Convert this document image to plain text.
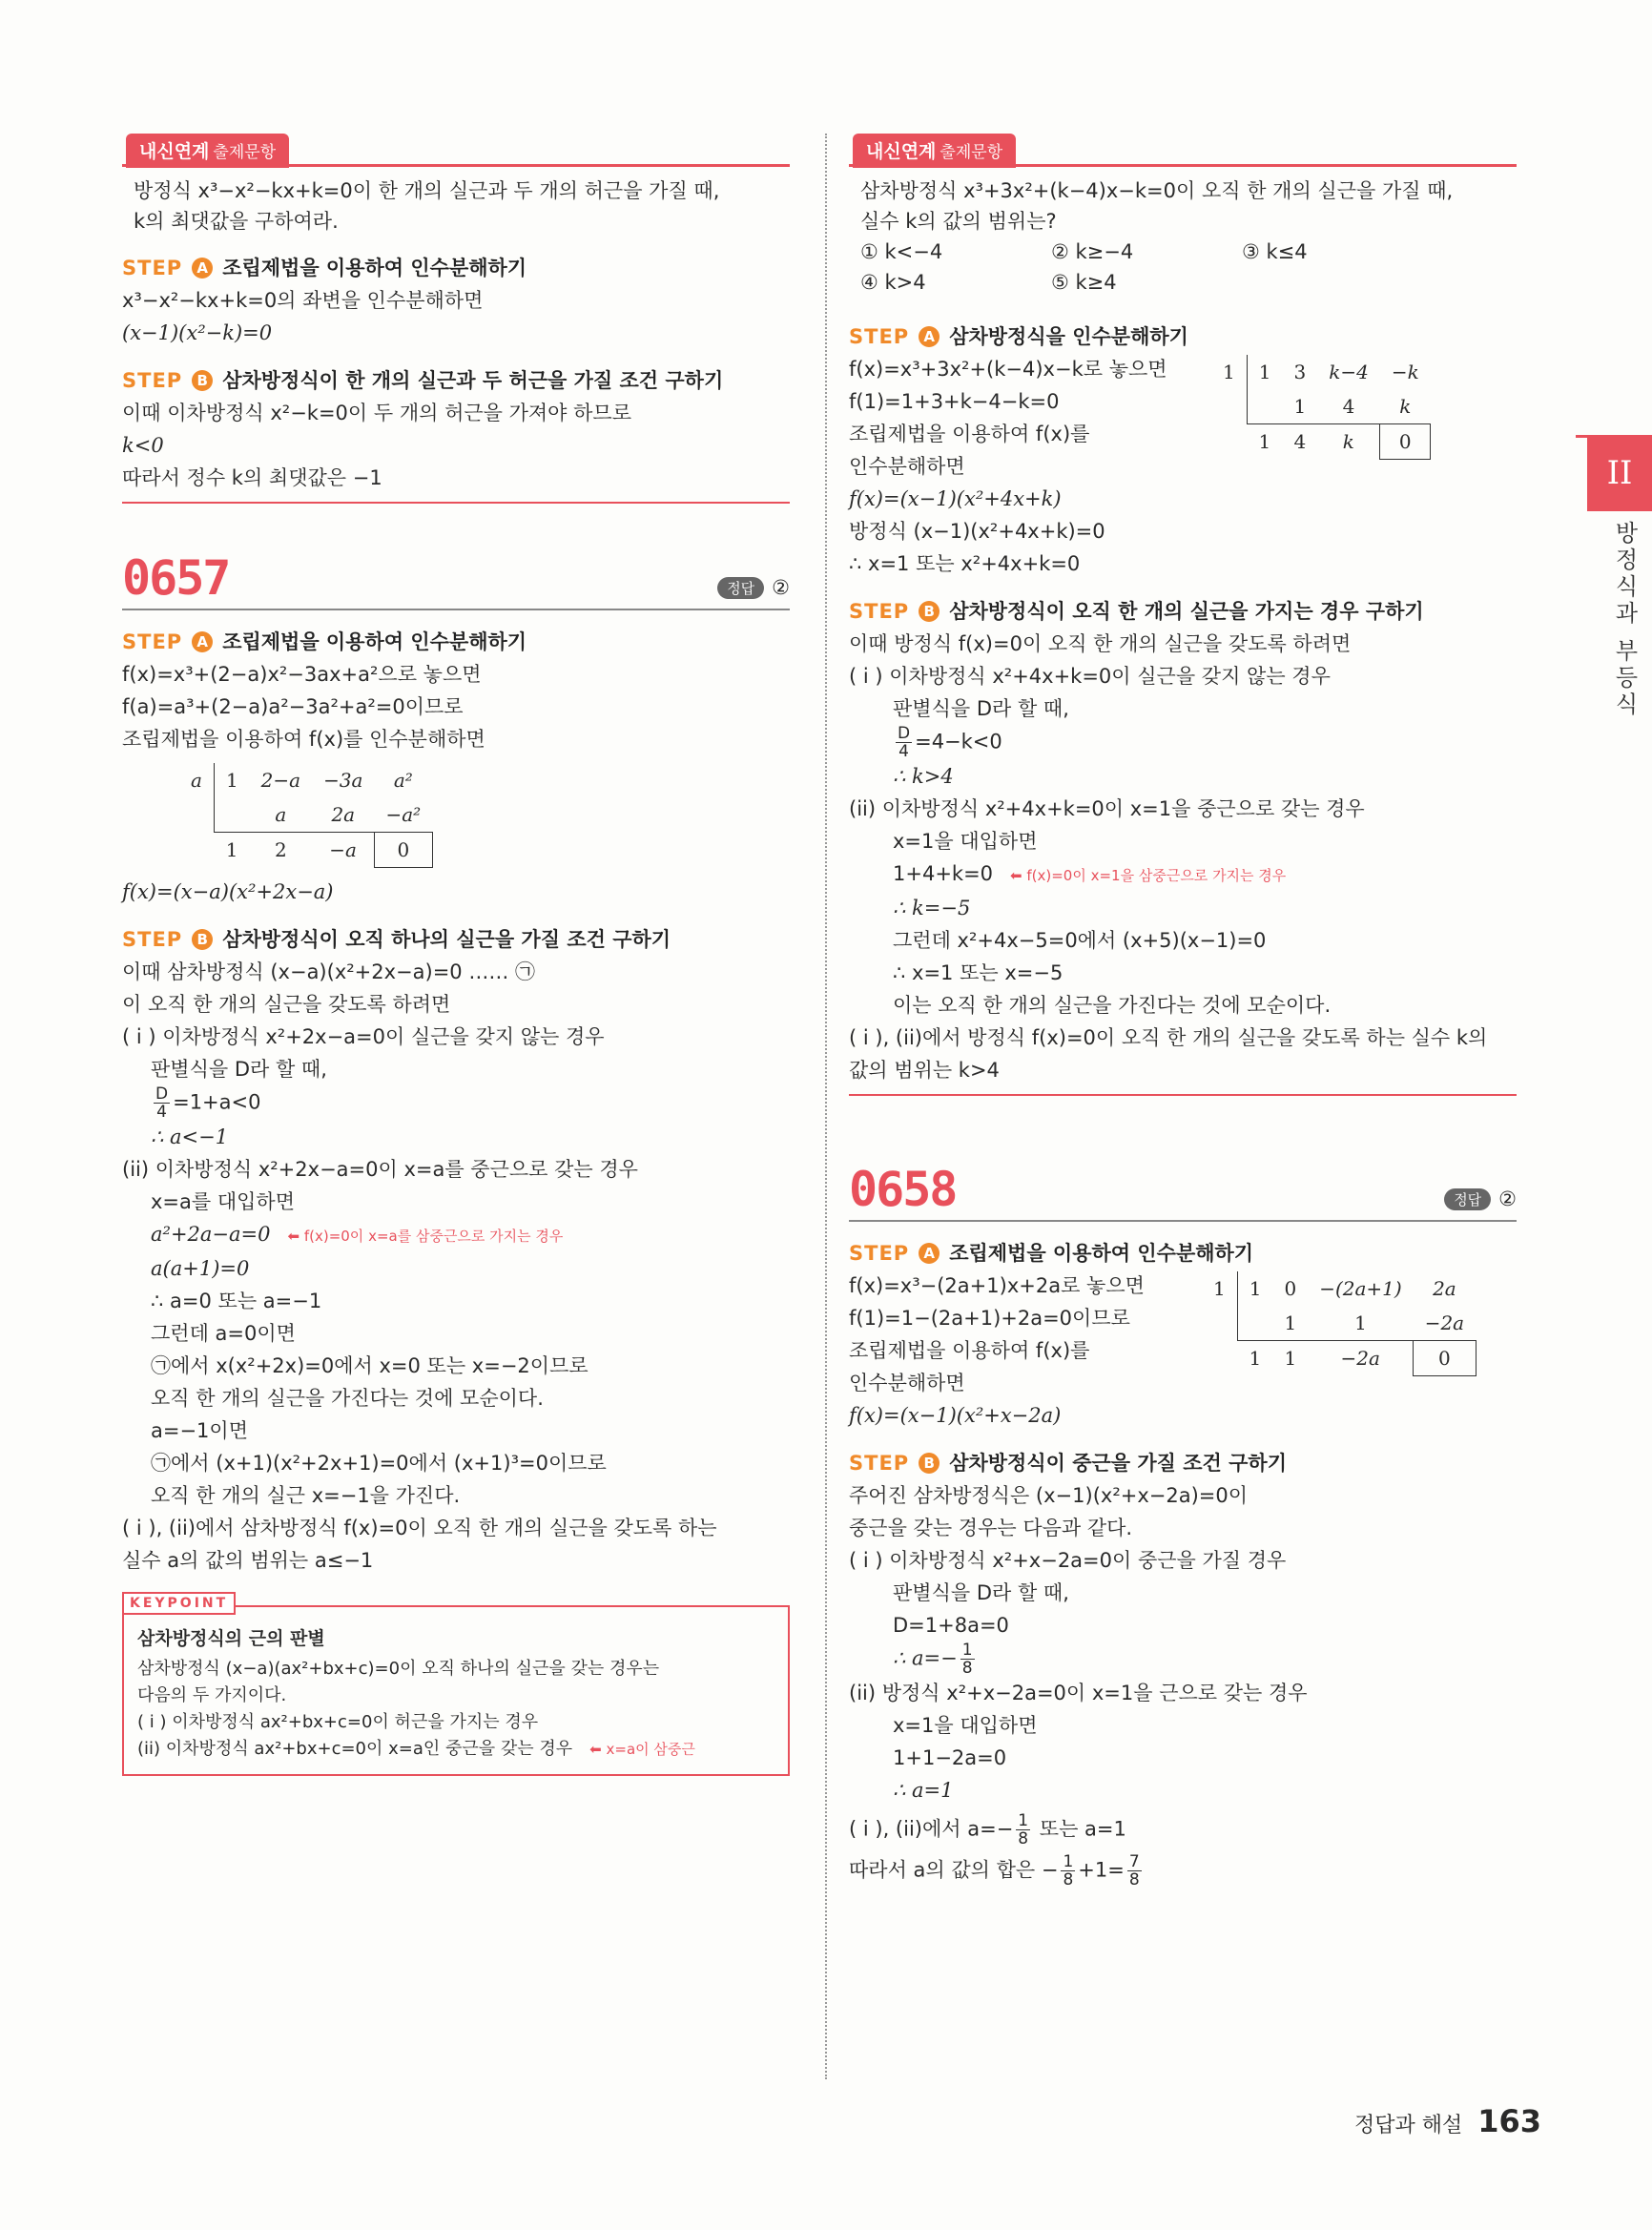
내신연계 출제문항
방정식 x³−x²−kx+k=0이 한 개의 실근과 두 개의 허근을 가질 때,
k의 최댓값을 구하여라.
STEP	A 조립제법을 이용하여 인수분해하기
x³−x²−kx+k=0의 좌변을 인수분해하면
(x−1)(x²−k)=0
STEP	B 삼차방정식이 한 개의 실근과 두 허근을 가질 조건 구하기
이때 이차방정식 x²−k=0이 두 개의 허근을 가져야 하므로
k<0
따라서 정수 k의 최댓값은 −1
0657	정답 ②
STEP	A 조립제법을 이용하여 인수분해하기
f(x)=x³+(2−a)x²−3ax+a²으로 놓으면
f(a)=a³+(2−a)a²−3a²+a²=0이므로
조립제법을 이용하여 f(x)를 인수분해하면
a	1	2−a	−3a	a²
		a	2a	−a²
	1	2	−a	0
f(x)=(x−a)(x²+2x−a)
STEP	B 삼차방정식이 오직 하나의 실근을 가질 조건 구하기
이때 삼차방정식 (x−a)(x²+2x−a)=0 …… ㉠
이 오직 한 개의 실근을 갖도록 하려면
( i ) 이차방정식 x²+2x−a=0이 실근을 갖지 않는 경우
판별식을 D라 할 때,
$\frac{D}{4} =1+a<0$
∴ a<−1
(ii) 이차방정식 x²+2x−a=0이 x=a를 중근으로 갖는 경우
x=a를 대입하면
a²+2a−a=0 ⬅ f(x)=0이 x=a를 삼중근으로 가지는 경우
a(a+1)=0
∴ a=0 또는 a=−1
그런데 a=0이면
㉠에서 x(x²+2x)=0에서 x=0 또는 x=−2이므로
오직 한 개의 실근을 가진다는 것에 모순이다.
a=−1이면
㉠에서 (x+1)(x²+2x+1)=0에서 (x+1)³=0이므로
오직 한 개의 실근 x=−1을 가진다.
( i ), (ii)에서 삼차방정식 f(x)=0이 오직 한 개의 실근을 갖도록 하는
실수 a의 값의 범위는 a≤−1
KEYPOINT
삼차방정식의 근의 판별
삼차방정식 (x−a)(ax²+bx+c)=0이 오직 하나의 실근을 갖는 경우는
다음의 두 가지이다.
( i ) 이차방정식 ax²+bx+c=0이 허근을 가지는 경우
(ii) 이차방정식 ax²+bx+c=0이 x=a인 중근을 갖는 경우 ⬅ x=a이 삼중근
내신연계 출제문항
삼차방정식 x³+3x²+(k−4)x−k=0이 오직 한 개의 실근을 가질 때,
실수 k의 값의 범위는?
① k<−4	② k≥−4	③ k≤4
④ k>4	⑤ k≥4
STEP	A 삼차방정식을 인수분해하기
f(x)=x³+3x²+(k−4)x−k로 놓으면
f(1)=1+3+k−4−k=0
조립제법을 이용하여 f(x)를
인수분해하면
f(x)=(x−1)(x²+4x+k)
방정식 (x−1)(x²+4x+k)=0
∴ x=1 또는 x²+4x+k=0
1	1	3	k−4	−k
		1	4	k
	1	4	k	0
STEP	B 삼차방정식이 오직 한 개의 실근을 가지는 경우 구하기
이때 방정식 f(x)=0이 오직 한 개의 실근을 갖도록 하려면
( i ) 이차방정식 x²+4x+k=0이 실근을 갖지 않는 경우
판별식을 D라 할 때,
$\frac{D}{4} =4-k<0$
∴ k>4
(ii) 이차방정식 x²+4x+k=0이 x=1을 중근으로 갖는 경우
x=1을 대입하면
1+4+k=0 ⬅ f(x)=0이 x=1을 삼중근으로 가지는 경우
∴ k=−5
그런데 x²+4x−5=0에서 (x+5)(x−1)=0
∴ x=1 또는 x=−5
이는 오직 한 개의 실근을 가진다는 것에 모순이다.
( i ), (ii)에서 방정식 f(x)=0이 오직 한 개의 실근을 갖도록 하는 실수 k의
값의 범위는 k>4
0658	정답 ②
STEP	A 조립제법을 이용하여 인수분해하기
f(x)=x³−(2a+1)x+2a로 놓으면
f(1)=1−(2a+1)+2a=0이므로
조립제법을 이용하여 f(x)를
인수분해하면
f(x)=(x−1)(x²+x−2a)
1	1	0	−(2a+1)	2a
		1	1	−2a
	1	1	−2a	0
STEP	B 삼차방정식이 중근을 가질 조건 구하기
주어진 삼차방정식은 (x−1)(x²+x−2a)=0이
중근을 갖는 경우는 다음과 같다.
( i ) 이차방정식 x²+x−2a=0이 중근을 가질 경우
판별식을 D라 할 때,
D=1+8a=0
∴ $a=- \frac{1}{8}$
(ii) 방정식 x²+x−2a=0이 x=1을 근으로 갖는 경우
x=1을 대입하면
1+1−2a=0
∴ a=1
( i ), (ii)에서 $a=- \frac{1}{8}$ 또는 a=1
따라서 a의 값의 합은 − $\frac{1}{8} +1= \frac{7}{8}$
II
방정식과 부등식
정답과 해설 163
